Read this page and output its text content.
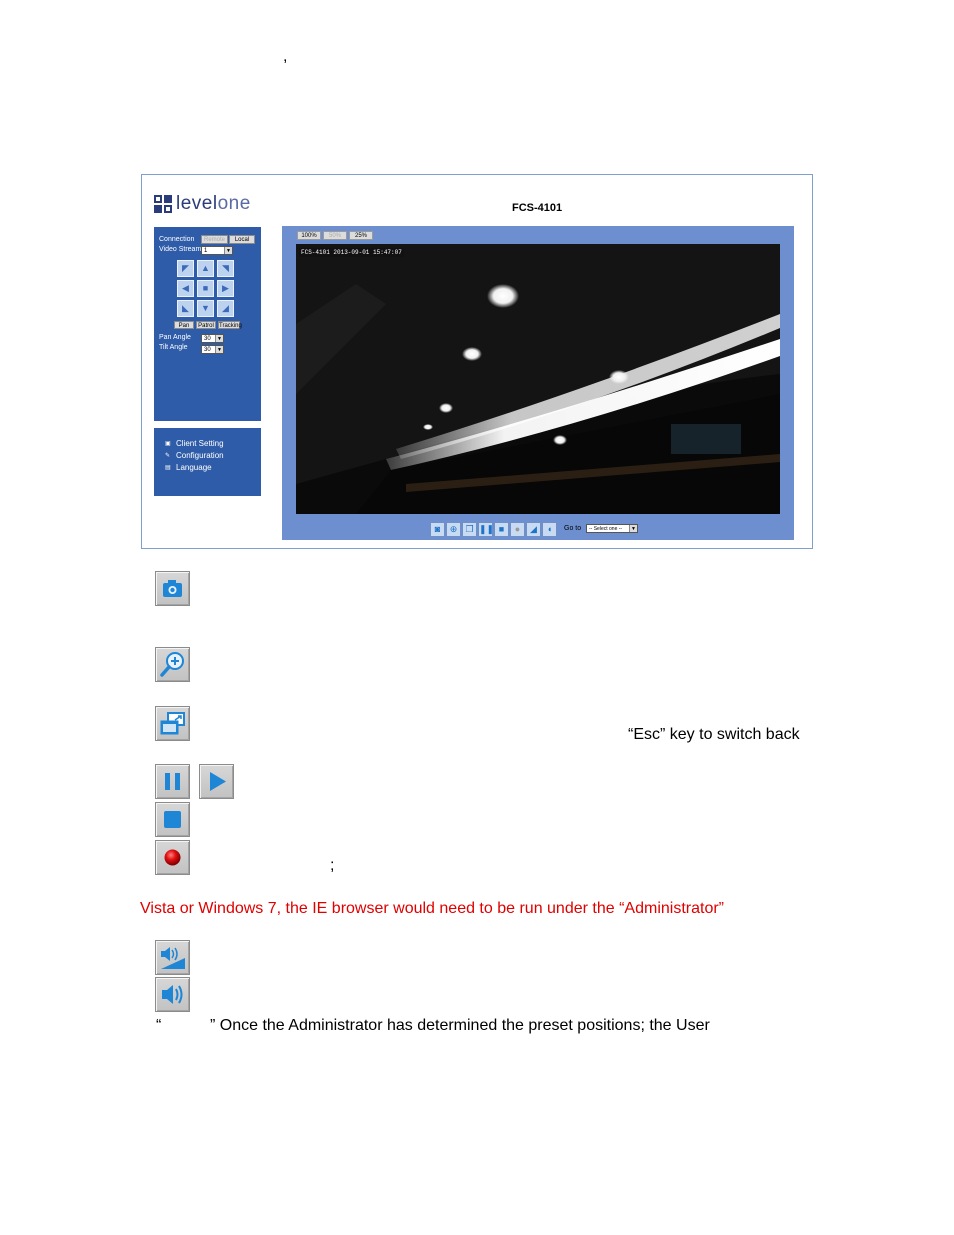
,
levelone	FCS-4101
Connection	Remote	Local
Video Stream 1	▼
◤	▲	◥
◀	■	▶
◣	▼	◢
Pan	Patrol Tracking
Pan Angle	30	▼
Tilt Angle	30	▼
▣ Client Setting
✎ Configuration
▤ Language
100%	50%	25%
FCS-4101 2013-09-01 15:47:07
◙	⊕ ❐ ❚❚ ■	●	◢	◖	Go to	-- Select one --	▼
“Esc” key to switch back
;
Vista or Windows 7, the IE browser would need to be run under the “Administrator”
“	” Once the Administrator has determined the preset positions; the User
